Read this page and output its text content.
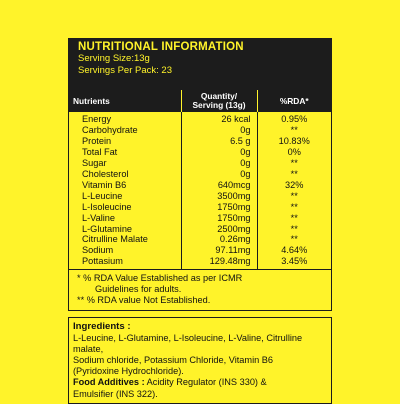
NUTRITIONAL INFORMATION
Serving Size:13g
Servings Per Pack: 23
Nutrients	Quantity/ Serving (13g)	%RDA*
Energy	26 kcal	0.95%
Carbohydrate	0g	**
Protein	6.5 g	10.83%
Total Fat	0g	0%
Sugar	0g	**
Cholesterol	0g	**
Vitamin B6	640mcg	32%
L-Leucine	3500mg	**
L-Isoleucine	1750mg	**
L-Valine	1750mg	**
L-Glutamine	2500mg	**
Citrulline Malate	0.26mg	**
Sodium	97.11mg	4.64%
Pottasium	129.48mg	3.45%
* % RDA Value Established as per ICMR
Guidelines for adults.
** % RDA value Not Established.
Ingredients :
L-Leucine, L-Glutamine, L-Isoleucine, L-Valine, Citrulline malate,
Sodium chloride, Potassium Chloride, Vitamin B6
(Pyridoxine Hydrochloride).
Food Additives : Acidity Regulator (INS 330) &
Emulsifier (INS 322).
